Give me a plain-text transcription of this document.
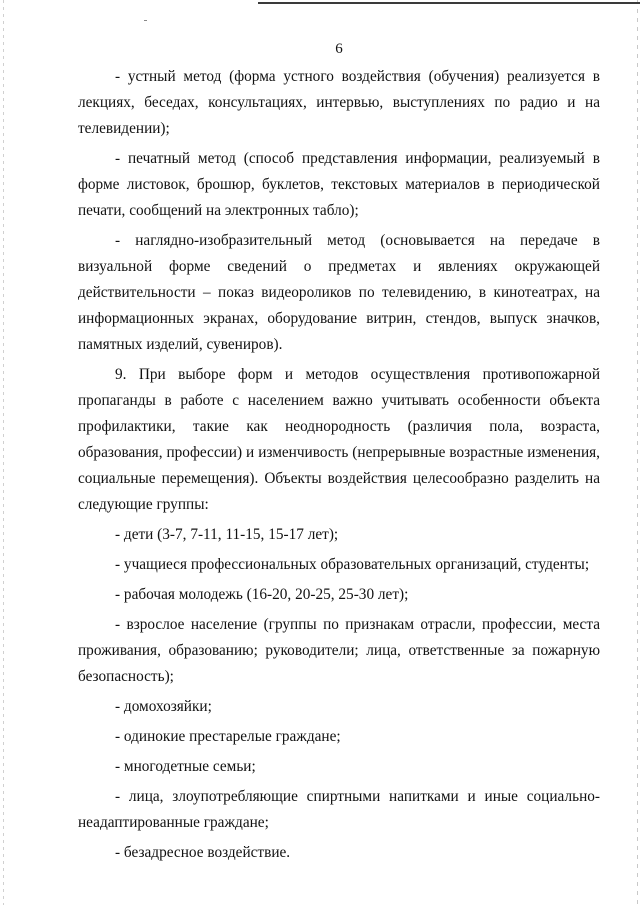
6

- устный метод (форма устного воздействия (обучения) реализуется в лекциях, беседах, консультациях, интервью, выступлениях по радио и на телевидении);

- печатный метод (способ представления информации, реализуемый в форме листовок, брошюр, буклетов, текстовых материалов в периодической печати, сообщений на электронных табло);

- наглядно-изобразительный метод (основывается на передаче в визуальной форме сведений о предметах и явлениях окружающей действительности – показ видеороликов по телевидению, в кинотеатрах, на информационных экранах, оборудование витрин, стендов, выпуск значков, памятных изделий, сувениров).

9. При выборе форм и методов осуществления противопожарной пропаганды в работе с населением важно учитывать особенности объекта профилактики, такие как неоднородность (различия пола, возраста, образования, профессии) и изменчивость (непрерывные возрастные изменения, социальные перемещения). Объекты воздействия целесообразно разделить на следующие группы:

- дети (3-7, 7-11, 11-15, 15-17 лет);

- учащиеся профессиональных образовательных организаций, студенты;

- рабочая молодежь (16-20, 20-25, 25-30 лет);

- взрослое население (группы по признакам отрасли, профессии, места проживания, образованию; руководители; лица, ответственные за пожарную безопасность);

- домохозяйки;

- одинокие престарелые граждане;

- многодетные семьи;

- лица, злоупотребляющие спиртными напитками и иные социально-неадаптированные граждане;

- безадресное воздействие.
